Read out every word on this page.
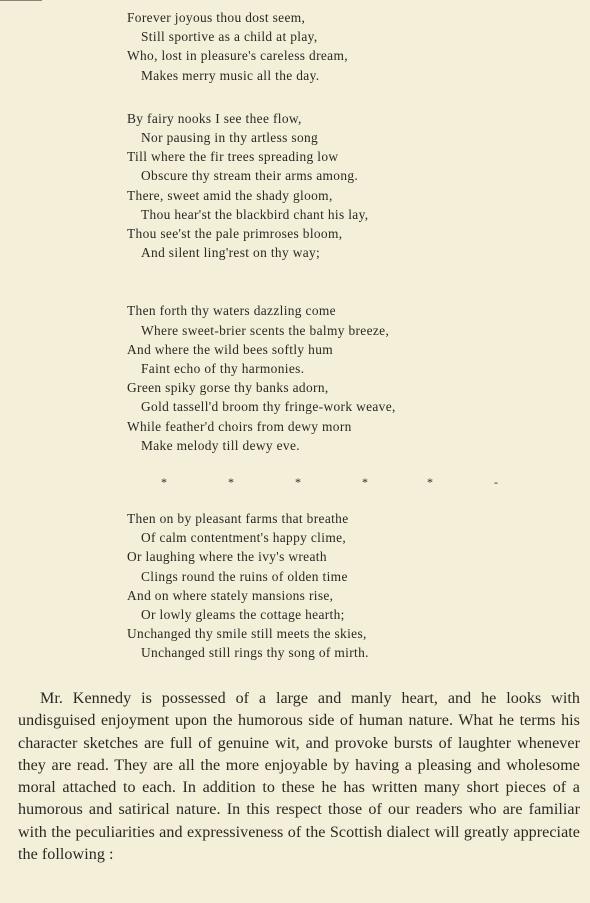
Forever joyous thou dost seem,
Still sportive as a child at play,
Who, lost in pleasure's careless dream,
Makes merry music all the day.
By fairy nooks I see thee flow,
Nor pausing in thy artless song
Till where the fir trees spreading low
Obscure thy stream their arms among.
There, sweet amid the shady gloom,
Thou hear'st the blackbird chant his lay,
Thou see'st the pale primroses bloom,
And silent ling'rest on thy way;
Then forth thy waters dazzling come
Where sweet-brier scents the balmy breeze,
And where the wild bees softly hum
Faint echo of thy harmonies.
Green spiky gorse thy banks adorn,
Gold tassell'd broom thy fringe-work weave,
While feather'd choirs from dewy morn
Make melody till dewy eve.
*	*	*	*	*	-
Then on by pleasant farms that breathe
Of calm contentment's happy clime,
Or laughing where the ivy's wreath
Clings round the ruins of olden time
And on where stately mansions rise,
Or lowly gleams the cottage hearth;
Unchanged thy smile still meets the skies,
Unchanged still rings thy song of mirth.

Mr. Kennedy is possessed of a large and manly heart, and he looks with undisguised enjoyment upon the humorous side of human nature. What he terms his character sketches are full of genuine wit, and provoke bursts of laughter whenever they are read. They are all the more enjoyable by having a pleasing and wholesome moral attached to each. In addition to these he has written many short pieces of a humorous and satirical nature. In this respect those of our readers who are familiar with the peculiarities and expressiveness of the Scottish dialect will greatly appreciate the following :
